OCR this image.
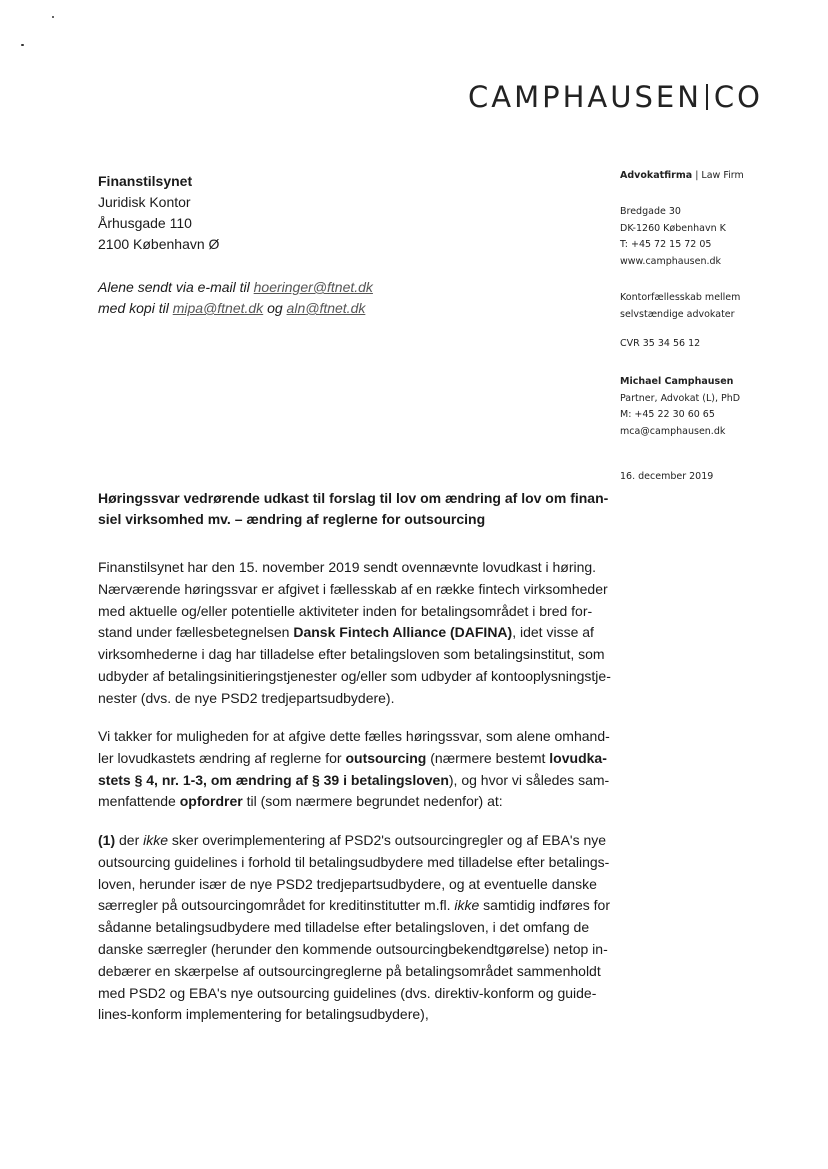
CAMPHAUSEN CO
Finanstilsynet
Juridisk Kontor
Århusgade 110
2100 København Ø
Alene sendt via e-mail til hoeringer@ftnet.dk
med kopi til mipa@ftnet.dk og aln@ftnet.dk
Advokatfirma | Law Firm
Bredgade 30
DK-1260 København K
T: +45 72 15 72 05
www.camphausen.dk
Kontorfællesskab mellem
selvstændige advokater
CVR 35 34 56 12
Michael Camphausen
Partner, Advokat (L), PhD
M: +45 22 30 60 65
mca@camphausen.dk
16. december 2019
Høringssvar vedrørende udkast til forslag til lov om ændring af lov om finan-
siel virksomhed mv. – ændring af reglerne for outsourcing
Finanstilsynet har den 15. november 2019 sendt ovennævnte lovudkast i høring.
Nærværende høringssvar er afgivet i fællesskab af en række fintech virksomheder
med aktuelle og/eller potentielle aktiviteter inden for betalingsområdet i bred for-
stand under fællesbetegnelsen Dansk Fintech Alliance (DAFINA), idet visse af
virksomhederne i dag har tilladelse efter betalingsloven som betalingsinstitut, som
udbyder af betalingsinitieringstjenester og/eller som udbyder af kontooplysningstje-
nester (dvs. de nye PSD2 tredjepartsudbydere).
Vi takker for muligheden for at afgive dette fælles høringssvar, som alene omhand-
ler lovudkastets ændring af reglerne for outsourcing (nærmere bestemt lovudka-
stets § 4, nr. 1-3, om ændring af § 39 i betalingsloven), og hvor vi således sam-
menfattende opfordrer til (som nærmere begrundet nedenfor) at:
(1) der ikke sker overimplementering af PSD2's outsourcingregler og af EBA's nye
outsourcing guidelines i forhold til betalingsudbydere med tilladelse efter betalings-
loven, herunder især de nye PSD2 tredjepartsudbydere, og at eventuelle danske
særregler på outsourcingområdet for kreditinstitutter m.fl. ikke samtidig indføres for
sådanne betalingsudbydere med tilladelse efter betalingsloven, i det omfang de
danske særregler (herunder den kommende outsourcingbekendtgørelse) netop in-
debærer en skærpelse af outsourcingreglerne på betalingsområdet sammenholdt
med PSD2 og EBA's nye outsourcing guidelines (dvs. direktiv-konform og guide-
lines-konform implementering for betalingsudbydere),
